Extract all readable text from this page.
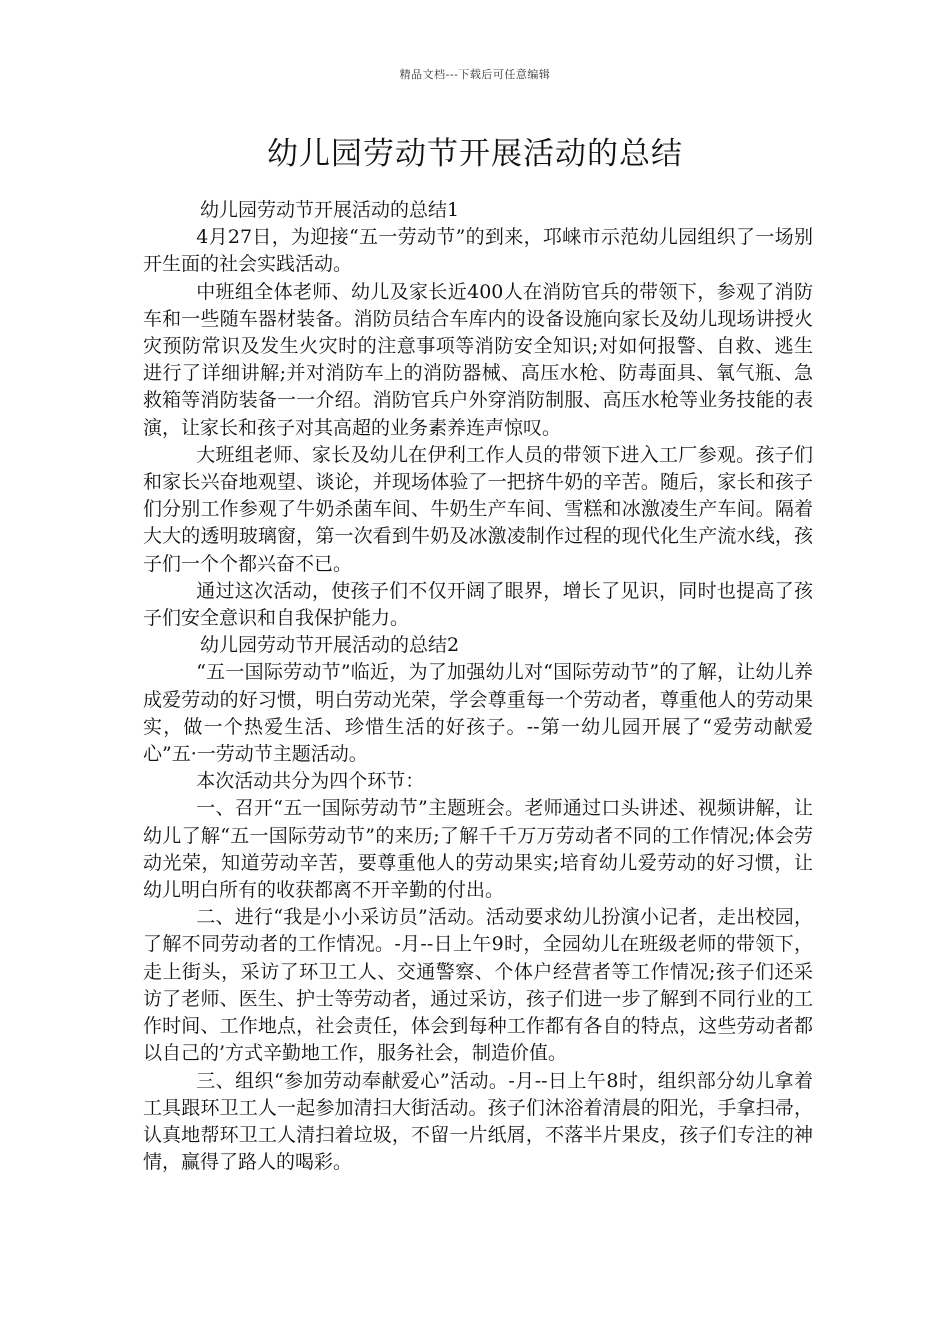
精品文档---下载后可任意编辑
幼儿园劳动节开展活动的总结

幼儿园劳动节开展活动的总结1

4月27日，为迎接“五一劳动节”的到来，邛崃市示范幼儿园组织了一场别开生面的社会实践活动。

中班组全体老师、幼儿及家长近400人在消防官兵的带领下，参观了消防车和一些随车器材装备。消防员结合车库内的设备设施向家长及幼儿现场讲授火灾预防常识及发生火灾时的注意事项等消防安全知识;对如何报警、自救、逃生进行了详细讲解;并对消防车上的消防器械、高压水枪、防毒面具、氧气瓶、急救箱等消防装备一一介绍。消防官兵户外穿消防制服、高压水枪等业务技能的表演，让家长和孩子对其高超的业务素养连声惊叹。

大班组老师、家长及幼儿在伊利工作人员的带领下进入工厂参观。孩子们和家长兴奋地观望、谈论，并现场体验了一把挤牛奶的辛苦。随后，家长和孩子们分别工作参观了牛奶杀菌车间、牛奶生产车间、雪糕和冰激凌生产车间。隔着大大的透明玻璃窗，第一次看到牛奶及冰激凌制作过程的现代化生产流水线，孩子们一个个都兴奋不已。

通过这次活动，使孩子们不仅开阔了眼界，增长了见识，同时也提高了孩子们安全意识和自我保护能力。

幼儿园劳动节开展活动的总结2

“五一国际劳动节”临近，为了加强幼儿对“国际劳动节”的了解，让幼儿养成爱劳动的好习惯，明白劳动光荣，学会尊重每一个劳动者，尊重他人的劳动果实，做一个热爱生活、珍惜生活的好孩子。--第一幼儿园开展了“爱劳动献爱心”五·一劳动节主题活动。

本次活动共分为四个环节：

一、召开“五一国际劳动节”主题班会。老师通过口头讲述、视频讲解，让幼儿了解“五一国际劳动节”的来历;了解千千万万劳动者不同的工作情况;体会劳动光荣，知道劳动辛苦，要尊重他人的劳动果实;培育幼儿爱劳动的好习惯，让幼儿明白所有的收获都离不开辛勤的付出。

二、进行“我是小小采访员”活动。活动要求幼儿扮演小记者，走出校园，了解不同劳动者的工作情况。-月--日上午9时，全园幼儿在班级老师的带领下，走上街头，采访了环卫工人、交通警察、个体户经营者等工作情况;孩子们还采访了老师、医生、护士等劳动者，通过采访，孩子们进一步了解到不同行业的工作时间、工作地点，社会责任，体会到每种工作都有各自的特点，这些劳动者都以自己的’方式辛勤地工作，服务社会，制造价值。

三、组织“参加劳动奉献爱心”活动。-月--日上午8时，组织部分幼儿拿着工具跟环卫工人一起参加清扫大街活动。孩子们沐浴着清晨的阳光，手拿扫帚，认真地帮环卫工人清扫着垃圾，不留一片纸屑，不落半片果皮，孩子们专注的神情，赢得了路人的喝彩。
